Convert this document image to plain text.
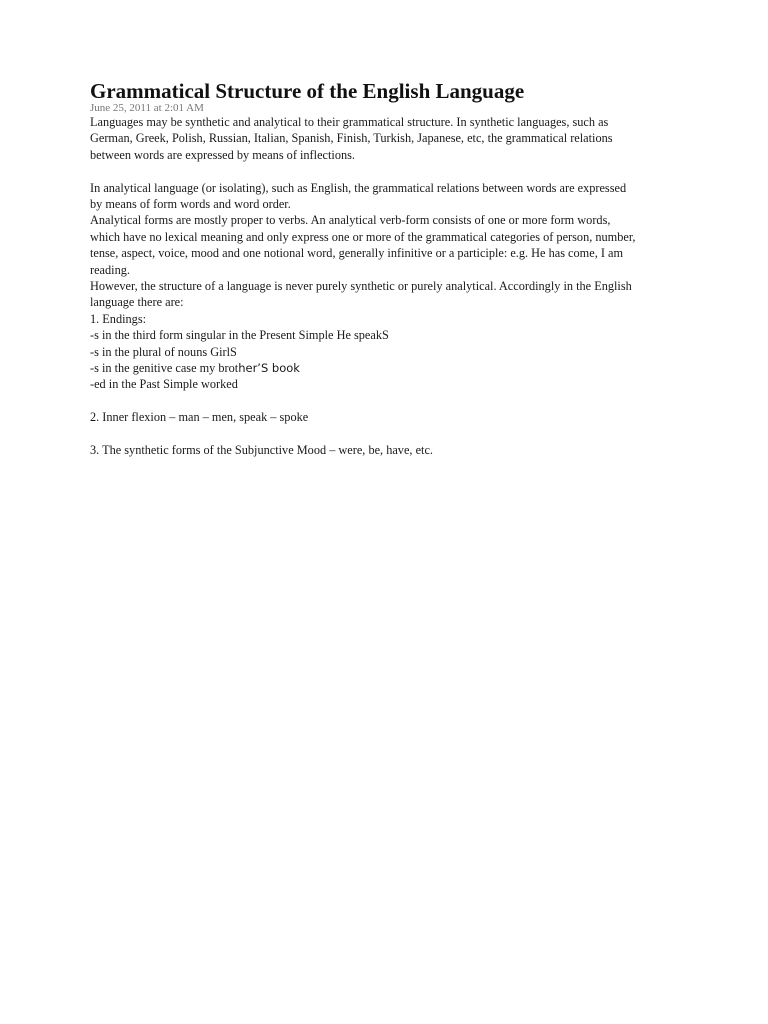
Grammatical Structure of the English Language

June 25, 2011 at 2:01 AM

Languages may be synthetic and analytical to their grammatical structure. In synthetic languages, such as

German, Greek, Polish, Russian, Italian, Spanish, Finish, Turkish, Japanese, etc, the grammatical relations

between words are expressed by means of inflections.

In analytical language (or isolating), such as English, the grammatical relations between words are expressed

by means of form words and word order.

Analytical forms are mostly proper to verbs. An analytical verb-form consists of one or more form words,

which have no lexical meaning and only express one or more of the grammatical categories of person, number,

tense, aspect, voice, mood and one notional word, generally infinitive or a participle: e.g. He has come, I am

reading.

However, the structure of a language is never purely synthetic or purely analytical. Accordingly in the English

language there are:

1. Endings:

-s in the third form singular in the Present Simple He speakS

-s in the plural of nouns GirlS

-s in the genitive case my brother’S book

-ed in the Past Simple worked

2. Inner flexion – man – men, speak – spoke

3. The synthetic forms of the Subjunctive Mood – were, be, have, etc.
